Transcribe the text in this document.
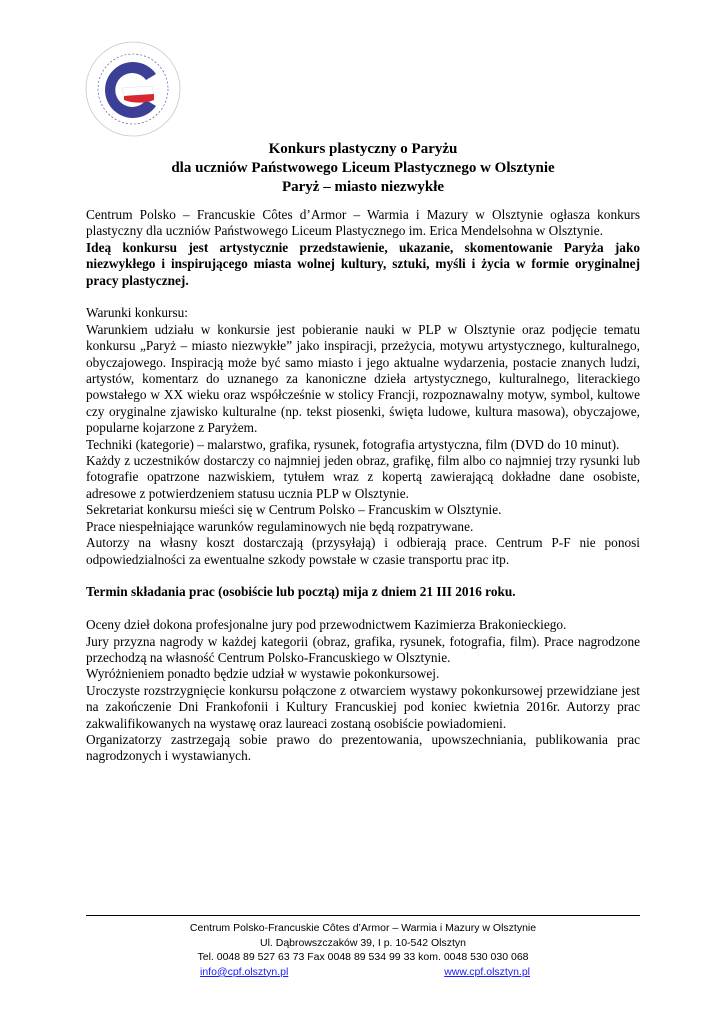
Konkurs plastyczny o Paryżu
dla uczniów Państwowego Liceum Plastycznego w Olsztynie
Paryż – miasto niezwykłe

Centrum Polsko – Francuskie Côtes d’Armor – Warmia i Mazury w Olsztynie ogłasza konkurs plastyczny dla uczniów Państwowego Liceum Plastycznego im. Erica Mendelsohna w Olsztynie.

Ideą konkursu jest artystycznie przedstawienie, ukazanie, skomentowanie Paryża jako niezwykłego i inspirującego miasta wolnej kultury, sztuki, myśli i życia w formie oryginalnej pracy plastycznej.

Warunki konkursu:

Warunkiem udziału w konkursie jest pobieranie nauki w PLP w Olsztynie oraz podjęcie tematu konkursu „Paryż – miasto niezwykłe” jako inspiracji, przeżycia, motywu artystycznego, kulturalnego, obyczajowego. Inspiracją może być samo miasto i jego aktualne wydarzenia, postacie znanych ludzi, artystów, komentarz do uznanego za kanoniczne dzieła artystycznego, kulturalnego, literackiego powstałego w XX wieku oraz współcześnie w stolicy Francji, rozpoznawalny motyw, symbol, kultowe czy oryginalne zjawisko kulturalne (np. tekst piosenki, święta ludowe, kultura masowa), obyczajowe, popularne kojarzone z Paryżem.

Techniki (kategorie) – malarstwo, grafika, rysunek, fotografia artystyczna, film (DVD do 10 minut).

Każdy z uczestników dostarczy co najmniej jeden obraz, grafikę, film albo co najmniej trzy rysunki lub fotografie opatrzone nazwiskiem, tytułem wraz z kopertą zawierającą dokładne dane osobiste, adresowe z potwierdzeniem statusu ucznia PLP w Olsztynie.

Sekretariat konkursu mieści się w Centrum Polsko – Francuskim w Olsztynie.

Prace niespełniające warunków regulaminowych nie będą rozpatrywane.

Autorzy na własny koszt dostarczają (przysyłają) i odbierają prace. Centrum P-F nie ponosi odpowiedzialności za ewentualne szkody powstałe w czasie transportu prac itp.

Termin składania prac (osobiście lub pocztą) mija z dniem 21 III 2016 roku.

Oceny dzieł dokona profesjonalne jury pod przewodnictwem Kazimierza Brakonieckiego.

Jury przyzna nagrody w każdej kategorii (obraz, grafika, rysunek, fotografia, film). Prace nagrodzone przechodzą na własność Centrum Polsko-Francuskiego w Olsztynie.

Wyróżnieniem ponadto będzie udział w wystawie pokonkursowej.

Uroczyste rozstrzygnięcie konkursu połączone z otwarciem wystawy pokonkursowej przewidziane jest na zakończenie Dni Frankofonii i Kultury Francuskiej pod koniec kwietnia 2016r. Autorzy prac zakwalifikowanych na wystawę oraz laureaci zostaną osobiście powiadomieni.

Organizatorzy zastrzegają sobie prawo do prezentowania, upowszechniania, publikowania prac nagrodzonych i wystawianych.

Centrum Polsko-Francuskie Côtes d’Armor – Warmia i Mazury w Olsztynie
Ul. Dąbrowszczaków 39, I p. 10-542 Olsztyn
Tel. 0048 89 527 63 73 Fax 0048 89 534 99 33 kom. 0048 530 030 068
info@cpf.olsztyn.pl	www.cpf.olsztyn.pl
